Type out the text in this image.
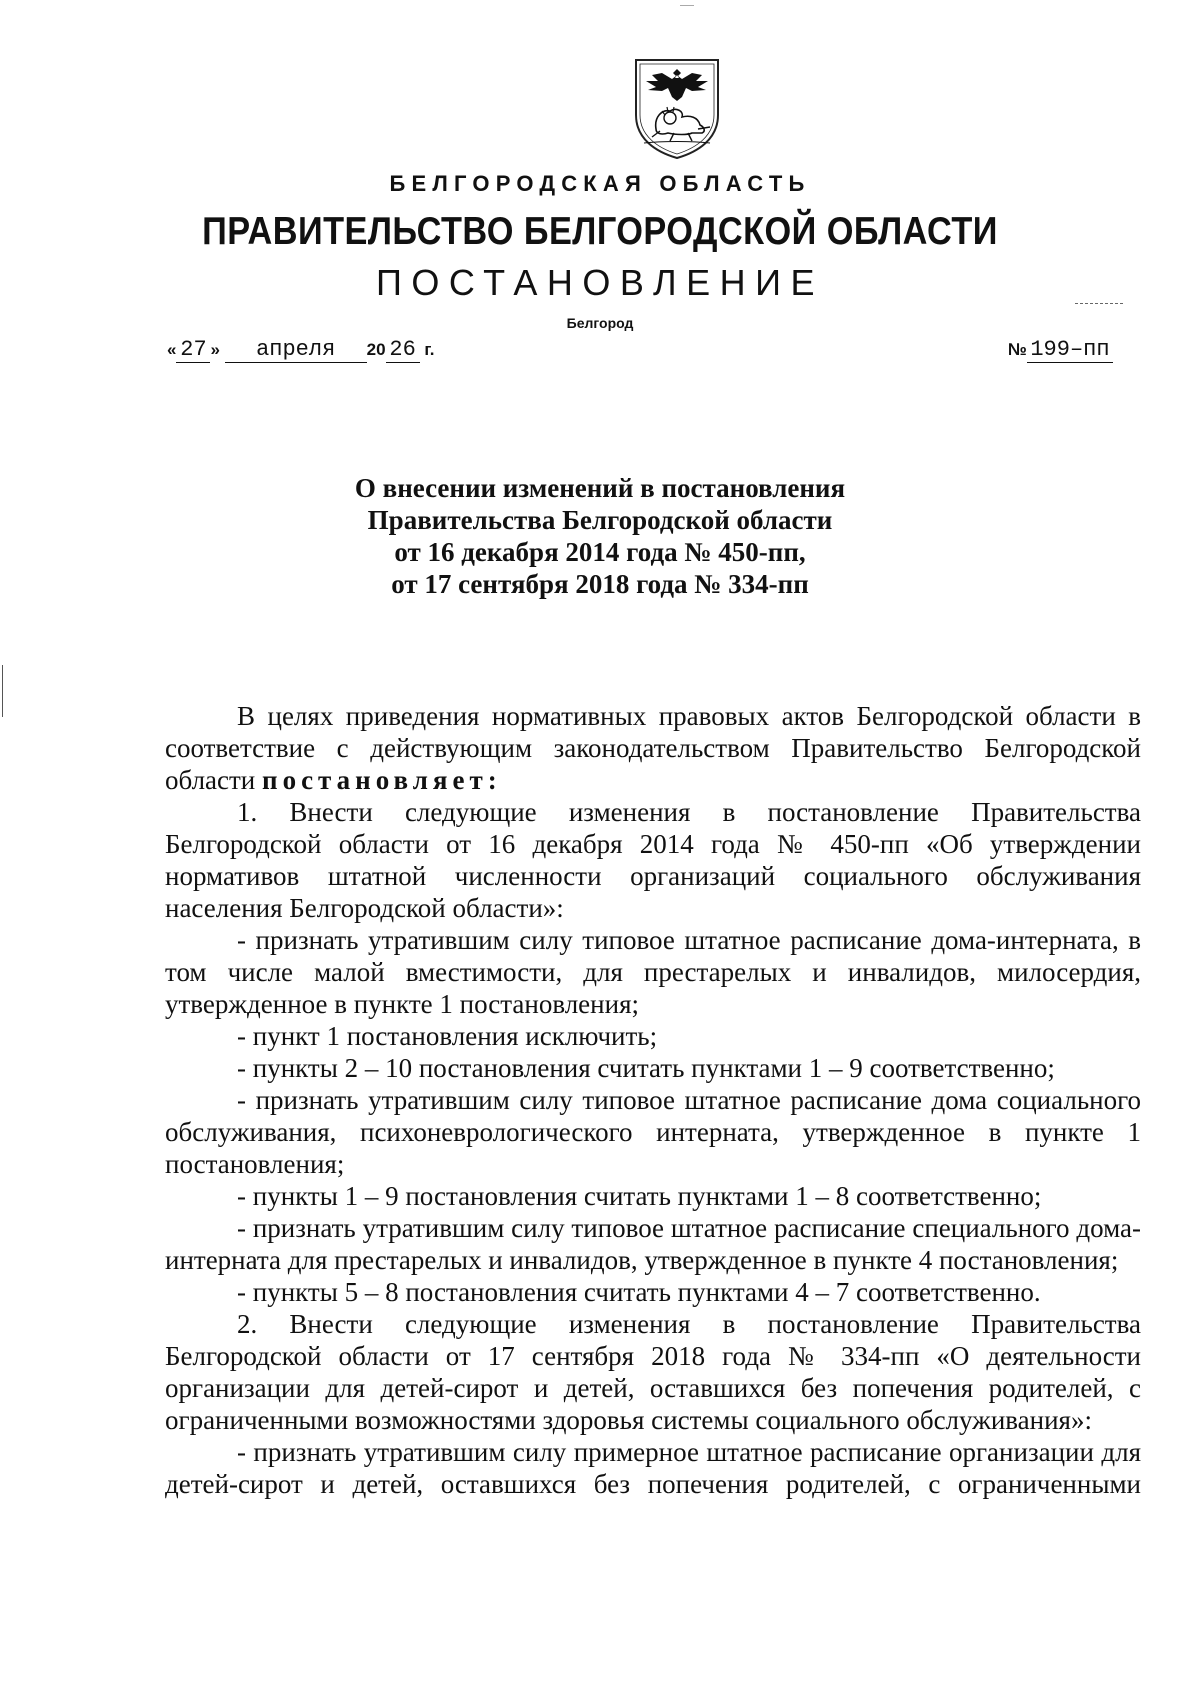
БЕЛГОРОДСКАЯ ОБЛАСТЬ
ПРАВИТЕЛЬСТВО БЕЛГОРОДСКОЙ ОБЛАСТИ
ПОСТАНОВЛЕНИЕ
Белгород
« 27 » апреля 20 26 г.	№ 199–пп
О внесении изменений в постановления
Правительства Белгородской области
от 16 декабря 2014 года № 450-пп,
от 17 сентября 2018 года № 334-пп

В целях приведения нормативных правовых актов Белгородской области в соответствие с действующим законодательством Правительство Белгородской области постановляет:

1. Внести следующие изменения в постановление Правительства Белгородской области от 16 декабря 2014 года № 450-пп «Об утверждении нормативов штатной численности организаций социального обслуживания населения Белгородской области»:

- признать утратившим силу типовое штатное расписание дома-интерната, в том числе малой вместимости, для престарелых и инвалидов, милосердия, утвержденное в пункте 1 постановления;

- пункт 1 постановления исключить;

- пункты 2 – 10 постановления считать пунктами 1 – 9 соответственно;

- признать утратившим силу типовое штатное расписание дома социального обслуживания, психоневрологического интерната, утвержденное в пункте 1 постановления;

- пункты 1 – 9 постановления считать пунктами 1 – 8 соответственно;

- признать утратившим силу типовое штатное расписание специального дома-интерната для престарелых и инвалидов, утвержденное в пункте 4 постановления;

- пункты 5 – 8 постановления считать пунктами 4 – 7 соответственно.

2. Внести следующие изменения в постановление Правительства Белгородской области от 17 сентября 2018 года № 334-пп «О деятельности организации для детей-сирот и детей, оставшихся без попечения родителей, с ограниченными возможностями здоровья системы социального обслуживания»:

- признать утратившим силу примерное штатное расписание организации для детей-сирот и детей, оставшихся без попечения родителей, с ограниченными
